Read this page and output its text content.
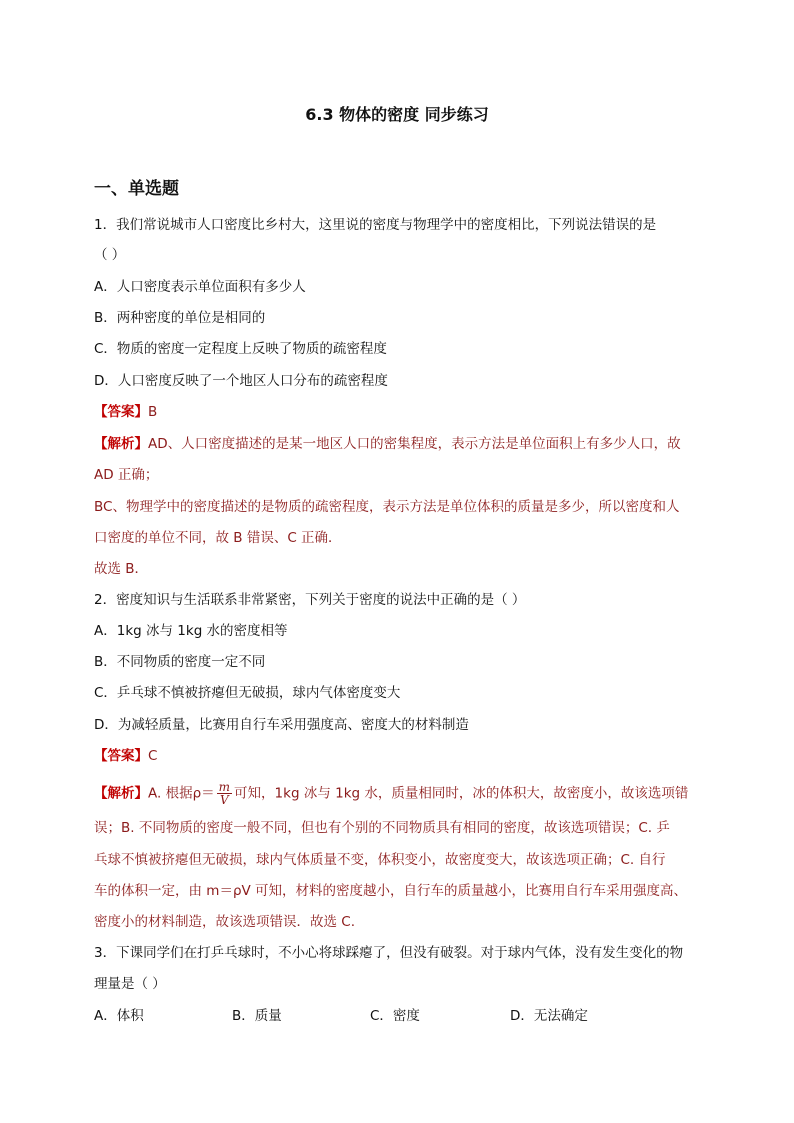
6.3 物体的密度 同步练习
一、单选题
1．我们常说城市人口密度比乡村大，这里说的密度与物理学中的密度相比，下列说法错误的是
（ ）
A．人口密度表示单位面积有多少人
B．两种密度的单位是相同的
C．物质的密度一定程度上反映了物质的疏密程度
D．人口密度反映了一个地区人口分布的疏密程度
【答案】B
【解析】AD、人口密度描述的是某一地区人口的密集程度，表示方法是单位面积上有多少人口，故
AD 正确；
BC、物理学中的密度描述的是物质的疏密程度，表示方法是单位体积的质量是多少，所以密度和人
口密度的单位不同，故 B 错误、C 正确．
故选 B．
2．密度知识与生活联系非常紧密，下列关于密度的说法中正确的是（ ）
A．1kg 冰与 1kg 水的密度相等
B．不同物质的密度一定不同
C．乒乓球不慎被挤瘪但无破损，球内气体密度变大
D．为减轻质量，比赛用自行车采用强度高、密度大的材料制造
【答案】C
【解析】A. 根据$\rho= \frac{m}{V}$ 可知，1kg 冰与 1kg 水，质量相同时，冰的体积大，故密度小，故该选项错
误；B. 不同物质的密度一般不同，但也有个别的不同物质具有相同的密度，故该选项错误；C. 乒
乓球不慎被挤瘪但无破损，球内气体质量不变，体积变小，故密度变大，故该选项正确；C. 自行
车的体积一定，由 m＝ρV 可知，材料的密度越小，自行车的质量越小，比赛用自行车采用强度高、
密度小的材料制造，故该选项错误．故选 C.
3．下课同学们在打乒乓球时，不小心将球踩瘪了，但没有破裂。对于球内气体，没有发生变化的物
理量是（ ）
A．体积	B．质量	C．密度	D．无法确定
